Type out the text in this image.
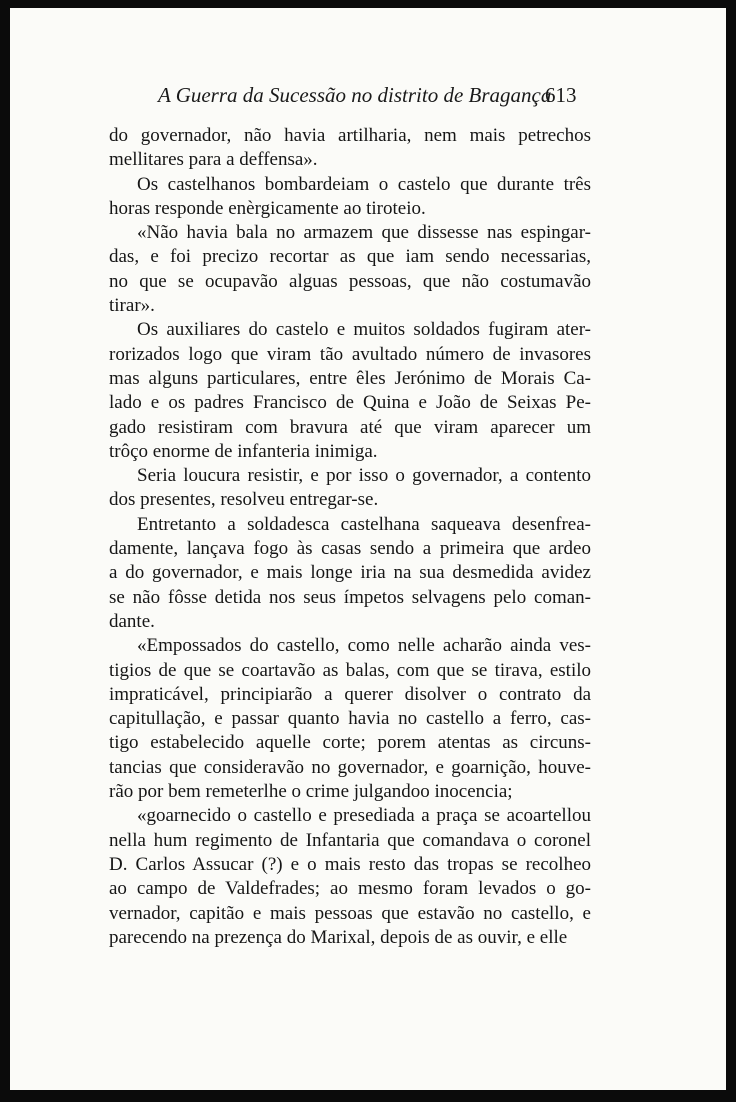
A Guerra da Sucessão no distrito de Bragança
613

do governador, não havia artilharia, nem mais petrechos
mellitares para a deffensa».

Os castelhanos bombardeiam o castelo que durante três
horas responde enèrgicamente ao tiroteio.

«Não havia bala no armazem que dissesse nas espingar-
das, e foi precizo recortar as que iam sendo necessarias,
no que se ocupavão alguas pessoas, que não costumavão
tirar».

Os auxiliares do castelo e muitos soldados fugiram ater-
rorizados logo que viram tão avultado número de invasores
mas alguns particulares, entre êles Jerónimo de Morais Ca-
lado e os padres Francisco de Quina e João de Seixas Pe-
gado resistiram com bravura até que viram aparecer um
trôço enorme de infanteria inimiga.

Seria loucura resistir, e por isso o governador, a contento
dos presentes, resolveu entregar-se.

Entretanto a soldadesca castelhana saqueava desenfrea-
damente, lançava fogo às casas sendo a primeira que ardeo
a do governador, e mais longe iria na sua desmedida avidez
se não fôsse detida nos seus ímpetos selvagens pelo coman-
dante.

«Empossados do castello, como nelle acharão ainda ves-
tigios de que se coartavão as balas, com que se tirava, estilo
impraticável, principiarão a querer disolver o contrato da
capitullação, e passar quanto havia no castello a ferro, cas-
tigo estabelecido aquelle corte; porem atentas as circuns-
tancias que consideravão no governador, e goarnição, houve-
rão por bem remeterlhe o crime julgandoo inocencia;

«goarnecido o castello e presediada a praça se acoartellou
nella hum regimento de Infantaria que comandava o coronel
D. Carlos Assucar (?) e o mais resto das tropas se recolheo
ao campo de Valdefrades; ao mesmo foram levados o go-
vernador, capitão e mais pessoas que estavão no castello, e
parecendo na prezença do Marixal, depois de as ouvir, e elle
